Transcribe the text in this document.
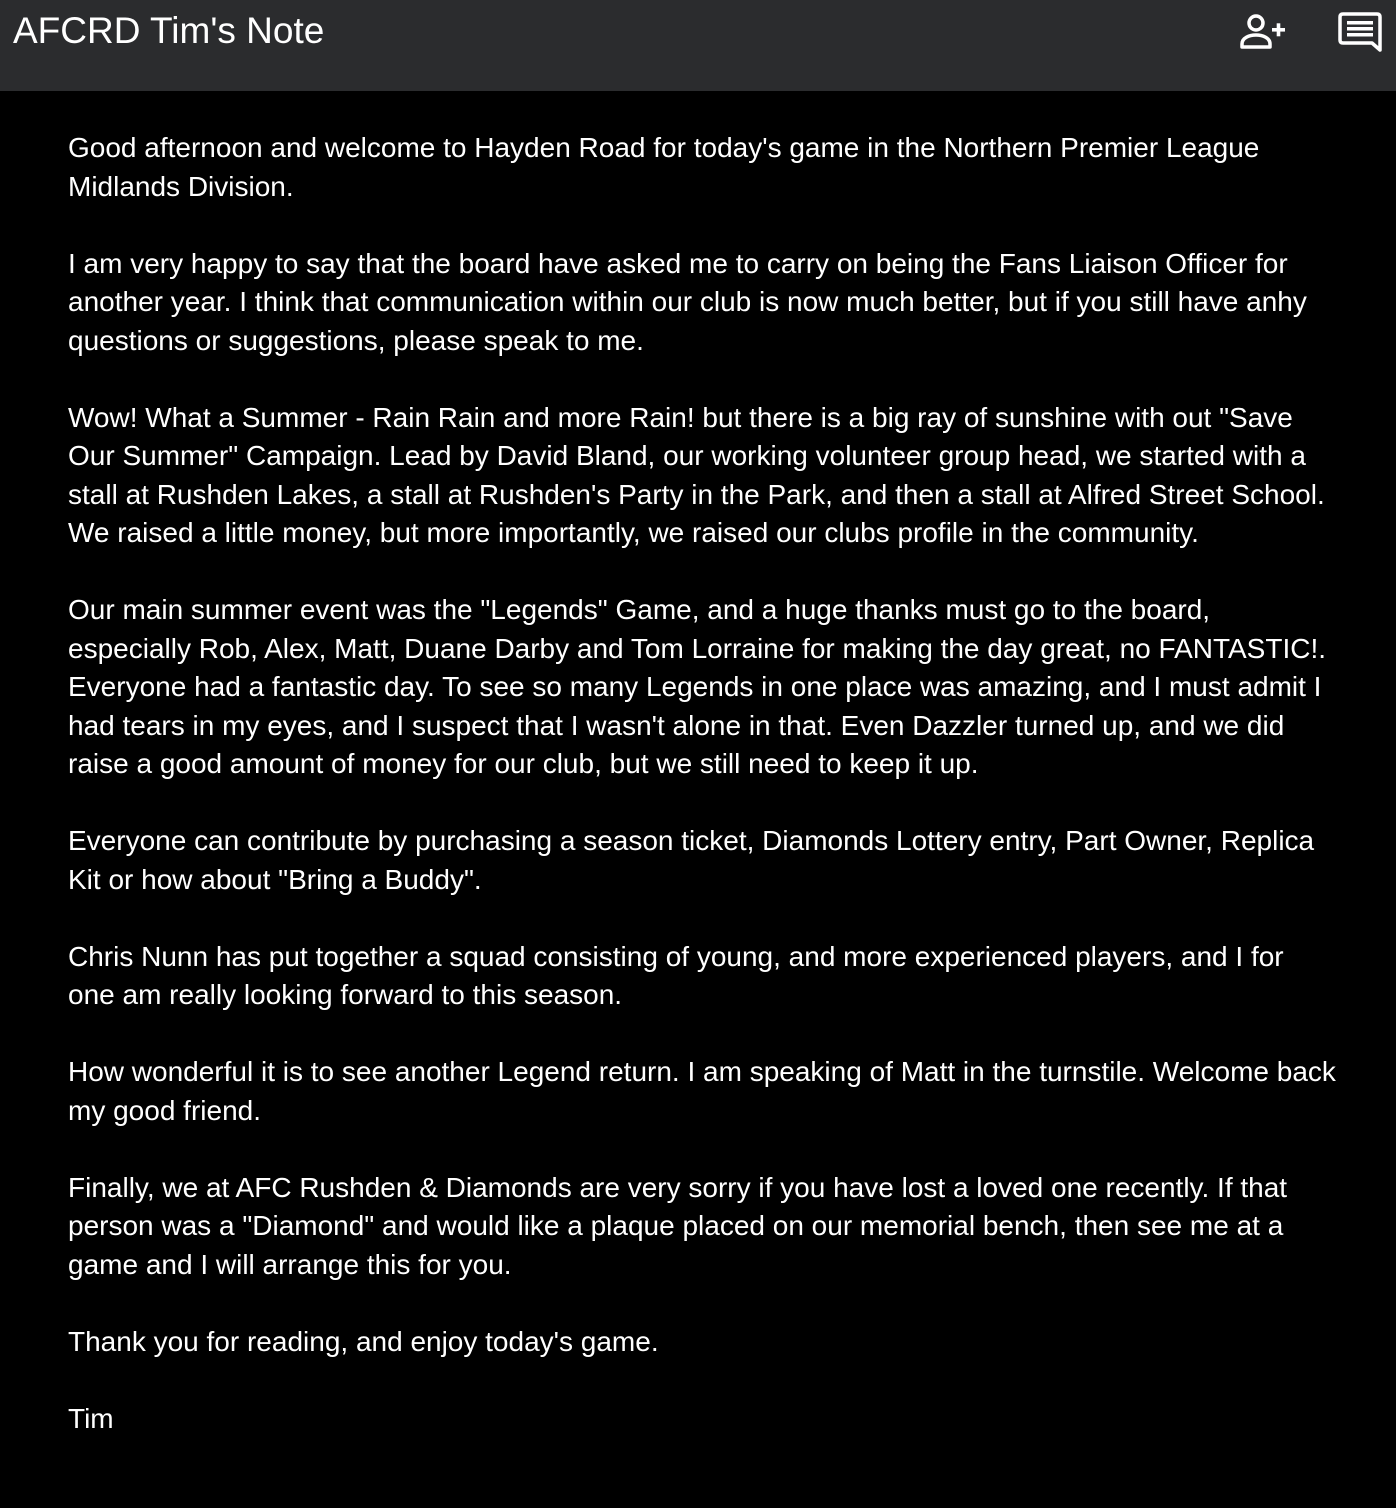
AFCRD Tim's Note

Good afternoon and welcome to Hayden Road for today's game in the Northern Premier League Midlands Division.

I am very happy to say that the board have asked me to carry on being the Fans Liaison Officer for another year. I think that communication within our club is now much better, but if you still have anhy questions or suggestions, please speak to me.

Wow! What a Summer - Rain Rain and more Rain! but there is a big ray of sunshine with out "Save Our Summer" Campaign. Lead by David Bland, our working volunteer group head, we started with a stall at Rushden Lakes, a stall at Rushden's Party in the Park, and then a stall at Alfred Street School. We raised a little money, but more importantly, we raised our clubs profile in the community.

Our main summer event was the "Legends" Game, and a huge thanks must go to the board, especially Rob, Alex, Matt, Duane Darby and Tom Lorraine for making the day great, no FANTASTIC!. Everyone had a fantastic day. To see so many Legends in one place was amazing, and I must admit I had tears in my eyes, and I suspect that I wasn't alone in that. Even Dazzler turned up, and we did raise a good amount of money for our club, but we still need to keep it up.

Everyone can contribute by purchasing a season ticket, Diamonds Lottery entry, Part Owner, Replica Kit or how about "Bring a Buddy".

Chris Nunn has put together a squad consisting of young, and more experienced players, and I for one am really looking forward to this season.

How wonderful it is to see another Legend return. I am speaking of Matt in the turnstile. Welcome back my good friend.

Finally, we at AFC Rushden & Diamonds are very sorry if you have lost a loved one recently. If that person was a "Diamond" and would like a plaque placed on our memorial bench, then see me at a game and I will arrange this for you.

Thank you for reading, and enjoy today's game.

Tim
